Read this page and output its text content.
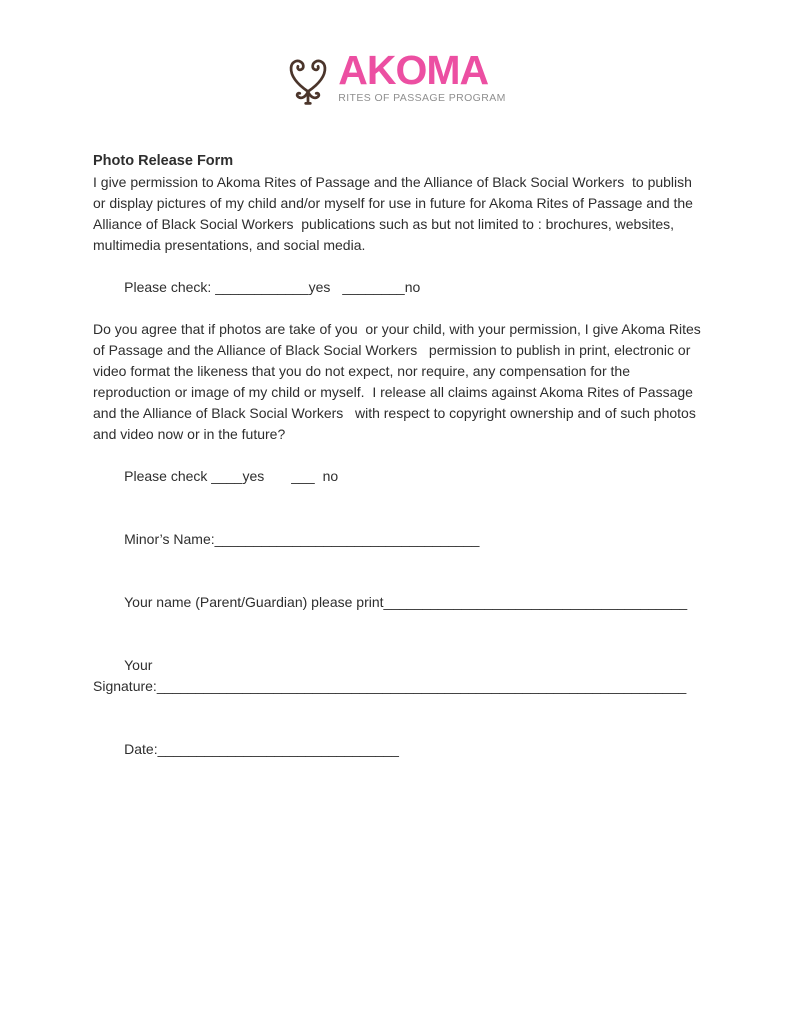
AKOMA
RITES OF PASSAGE PROGRAM
Photo Release Form

I give permission to Akoma Rites of Passage and the Alliance of Black Social Workers  to publish or display pictures of my child and/or myself for use in future for Akoma Rites of Passage and the Alliance of Black Social Workers  publications such as but not limited to : brochures, websites, multimedia presentations, and social media.

Please check: ____________yes ________no

Do you agree that if photos are take of you  or your child, with your permission, I give Akoma Rites of Passage and the Alliance of Black Social Workers   permission to publish in print, electronic or video format the likeness that you do not expect, nor require, any compensation for the reproduction or image of my child or myself.  I release all claims against Akoma Rites of Passage and the Alliance of Black Social Workers   with respect to copyright ownership and of such photos and video now or in the future?

Please check ____yes ___ no

Minor’s Name:__________________________________

Your name (Parent/Guardian) please print_______________________________________

Your Signature:____________________________________________________________________

Date:_______________________________
